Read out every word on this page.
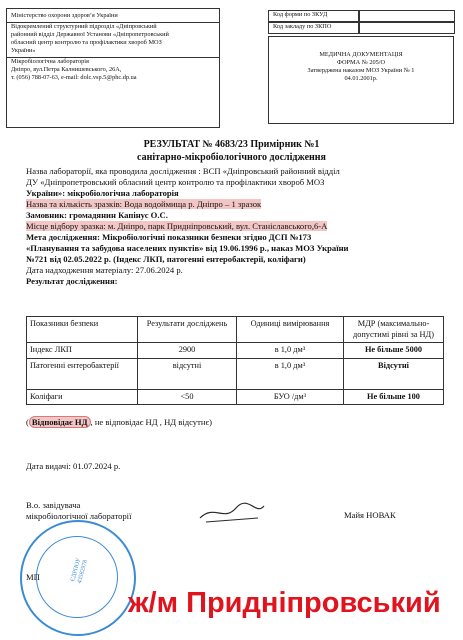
Міністерство охорони здоров’я України
Відокремлений структурний підрозділ «Дніпровський
районний відділ Державної Установи «Дніпропетровський
обласний центр контролю та профілактики хвороб МОЗ
України»
Мікробіологічна лабораторія
Дніпро, вул.Петра Калнишевського, 26А,
т. (056) 788-07-63, e-mail: dolc.vsp.5@phc.dp.ua
Код форми по ЗКУД
Код закладу по ЗКПО
МЕДИЧНА ДОКУМЕНТАЦІЯ
ФОРМА № 205/О
Затверджена наказом МОЗ України № 1
04.01.2001р.
РЕЗУЛЬТАТ № 4683/23 Примірник №1
санітарно-мікробіологічного дослідження
Назва лабораторії, яка проводила дослідження : ВСП «Дніпровський районний відділ
ДУ «Дніпропетровський обласний центр контролю та профілактики хвороб МОЗ
України»: мікробіологічна лабораторія
Назва та кількість зразків: Вода водоймища р. Дніпро – 1 зразок
Замовник: громадянин Капінус О.С.
Місце відбору зразка: м. Дніпро, парк Придніпровський, вул. Станіславського,6-А
Мета дослідження: Мікробіологічні показники безпеки згідно ДСП №173
«Планування та забудова населених пунктів» від 19.06.1996 р., наказ МОЗ України
№721 від 02.05.2022 р. (Індекс ЛКП, патогенні ентеробактерії, коліфаги)
Дата надходження матеріалу: 27.06.2024 р.
Результат дослідження:
Показники безпеки	Результати досліджень	Одиниці вимірювання	МДР (максимально-допустимі рівні за НД)
Індекс ЛКП	2900	в 1,0 дм³	Не більше 5000
Патогенні ентеробактерії	відсутні	в 1,0 дм³	Відсутні
Коліфаги	<50	БУО /дм³	Не більше 100
( Відповідає НД , не відповідає НД , НД відсутнє)
Дата видачі: 01.07.2024 р.
В.о. завідувача
мікробіологічної лабораторії	Майя НОВАК
ЄДРПОУ 43582978
МП
ж/м Придніпровський
